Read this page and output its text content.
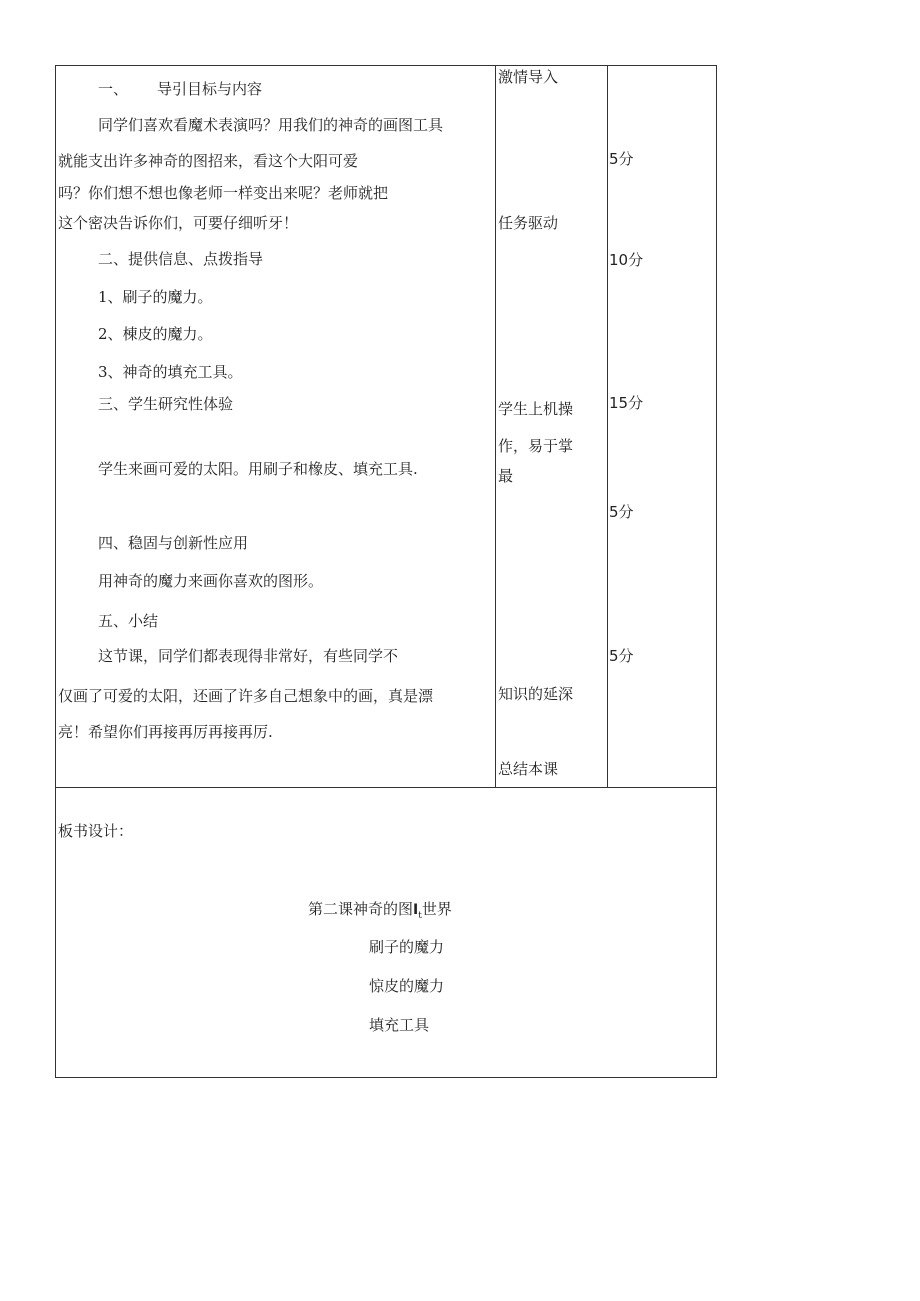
一、 导引目标与内容
同学们喜欢看魔术表演吗？用我们的神奇的画图工具
就能支出许多神奇的图招来，看这个大阳可爱
吗？你们想不想也像老师一样变出来呢？老师就把
这个密决告诉你们，可要仔细听牙！
二、提供信息、点拨指导
1、刷子的魔力。
2、棟皮的魔力。
3、神奇的填充工具。
三、学生研究性体验
学生来画可爱的太阳。用刷子和橡皮、填充工具.
四、稳固与创新性应用
用神奇的魔力来画你喜欢的图形。
五、小结
这节课，同学们都表现得非常好，有些同学不
仅画了可爱的太阳，还画了许多自己想象中的画，真是漂
亮！希望你们再接再厉再接再厉.
激情导入
任务驱动
学生上机操
作，易于掌
最
知识的延深
总结本课
5分
10分
15分
5分
5分
板书设计：
第二课神奇的图$I_t$世界
刷子的魔力
惊皮的魔力
填充工具
